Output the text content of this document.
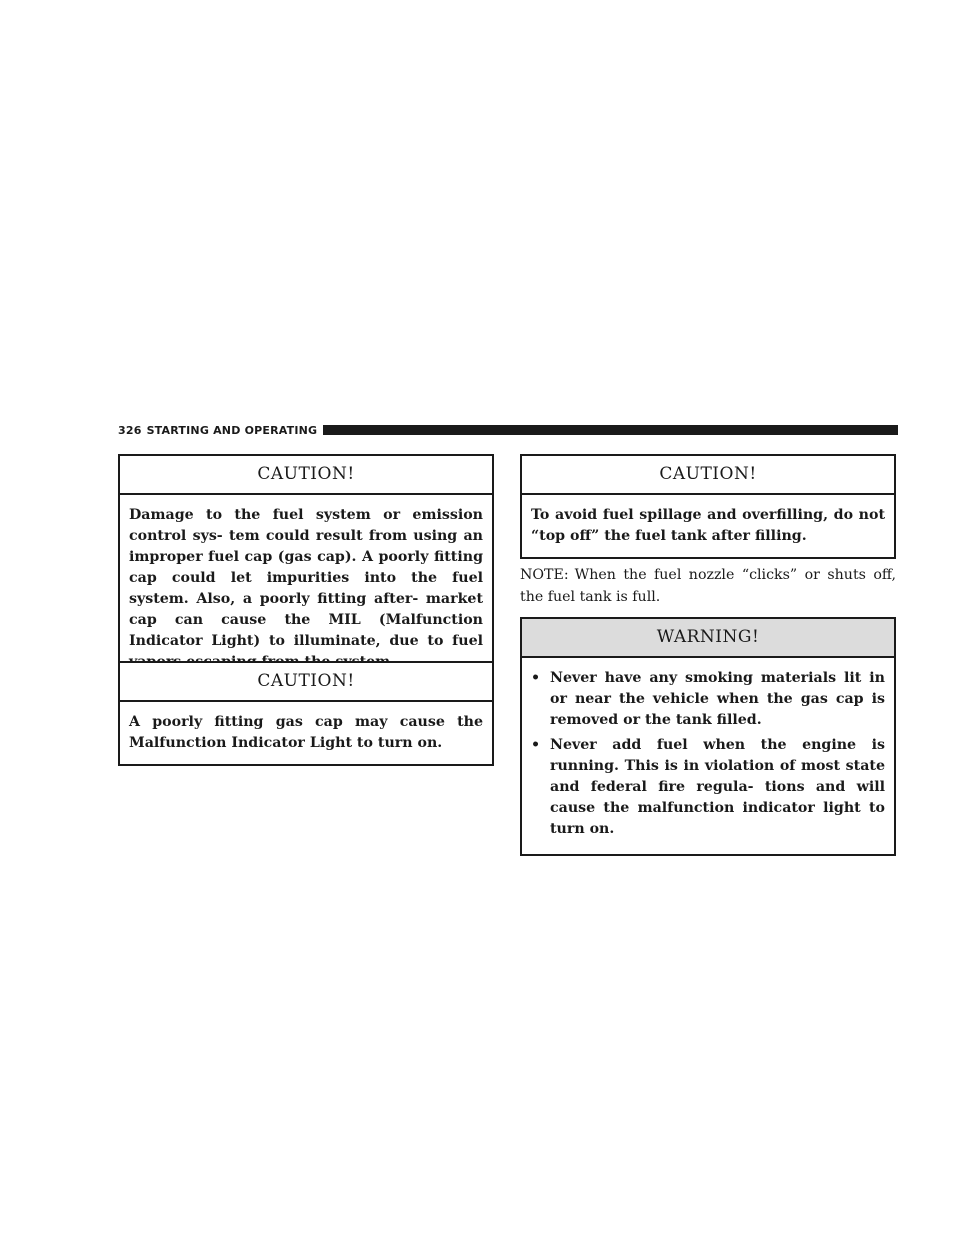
326 STARTING AND OPERATING
CAUTION!
Damage to the fuel system or emission control sys- tem could result from using an improper fuel cap (gas cap). A poorly fitting cap could let impurities into the fuel system. Also, a poorly fitting after- market cap can cause the MIL (Malfunction Indicator Light) to illuminate, due to fuel
CAUTION!
A poorly fitting gas cap may cause the Malfunction Indicator Light to turn on.
CAUTION!
To avoid fuel spillage and overfilling, do not “top off” the fuel tank after filling.
NOTE: When the fuel nozzle “clicks” or shuts off, the fuel tank is full.
WARNING!
• Never have any smoking materials lit in or near the vehicle when the gas cap is removed or the tank filled.
• Never add fuel when the engine is running. This is in violation of most state and federal fire regula- tions and will cause the malfunction indicator light to turn on.
